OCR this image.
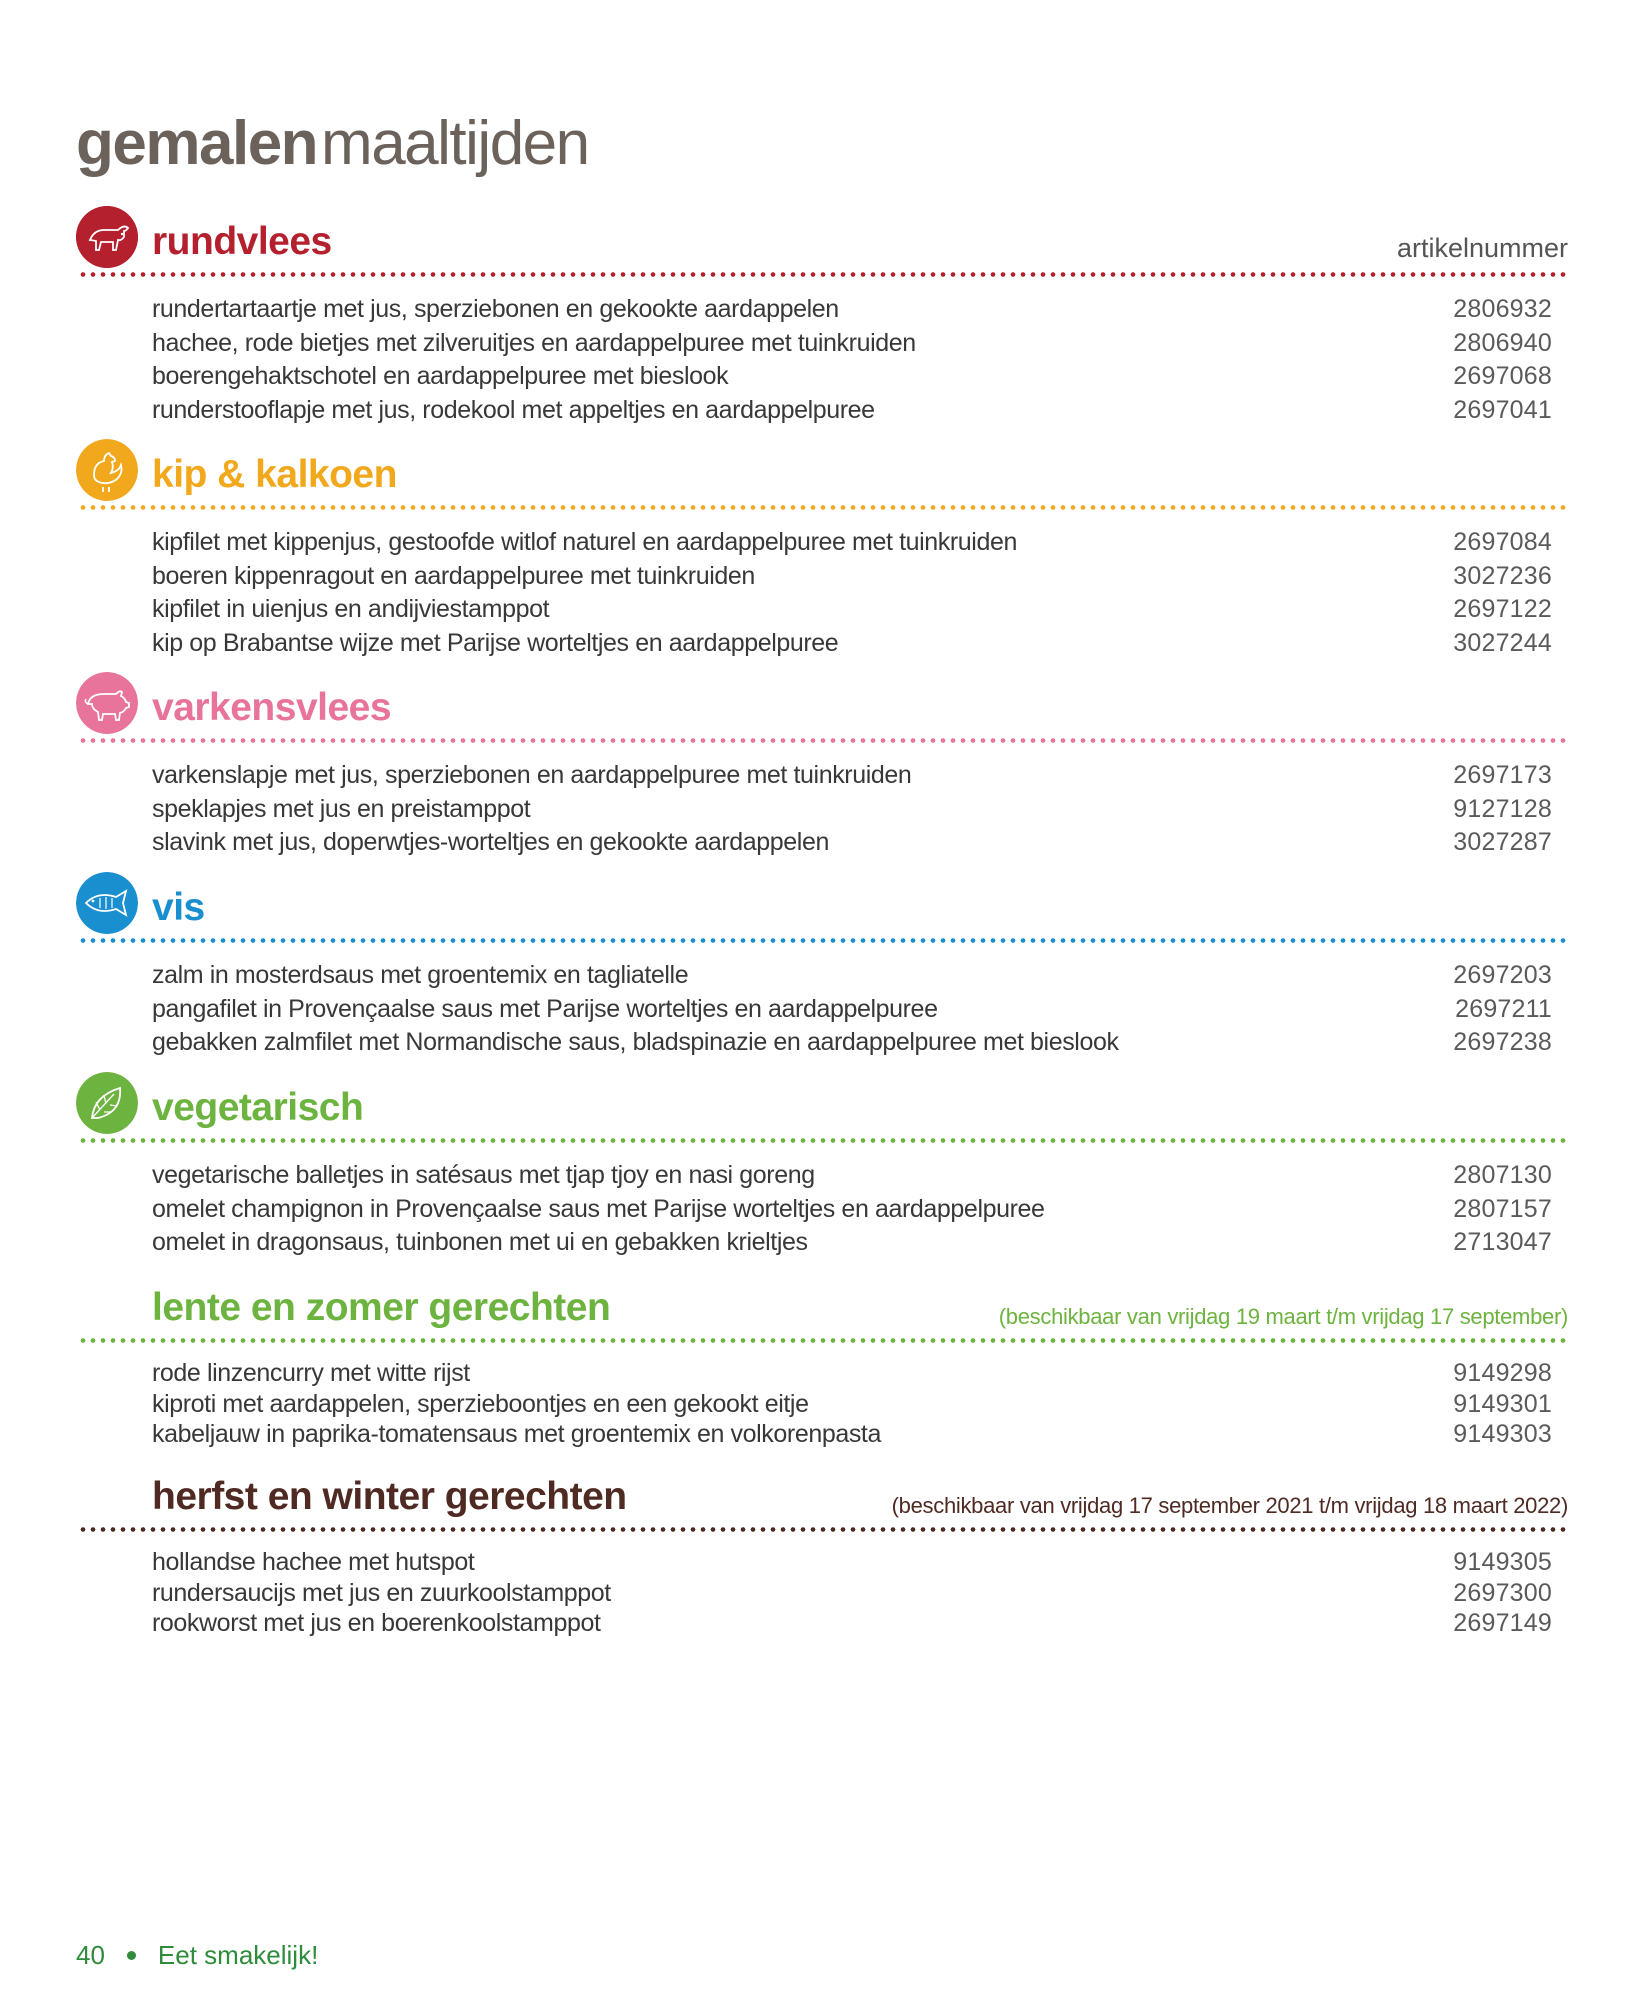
gemalenmaaltijden
rundvlees	artikelnummer
rundertartaartje met jus, sperziebonen en gekookte aardappelen	2806932
hachee, rode bietjes met zilveruitjes en aardappelpuree met tuinkruiden	2806940
boerengehaktschotel en aardappelpuree met bieslook	2697068
runderstooflapje met jus, rodekool met appeltjes en aardappelpuree	2697041
kip & kalkoen
kipfilet met kippenjus, gestoofde witlof naturel en aardappelpuree met tuinkruiden	2697084
boeren kippenragout en aardappelpuree met tuinkruiden	3027236
kipfilet in uienjus en andijviestamppot	2697122
kip op Brabantse wijze met Parijse worteltjes en aardappelpuree	3027244
varkensvlees
varkenslapje met jus, sperziebonen en aardappelpuree met tuinkruiden	2697173
speklapjes met jus en preistamppot	9127128
slavink met jus, doperwtjes-worteltjes en gekookte aardappelen	3027287
vis
zalm in mosterdsaus met groentemix en tagliatelle	2697203
pangafilet in Provençaalse saus met Parijse worteltjes en aardappelpuree	2697211
gebakken zalmfilet met Normandische saus, bladspinazie en aardappelpuree met bieslook	2697238
vegetarisch
vegetarische balletjes in satésaus met tjap tjoy en nasi goreng	2807130
omelet champignon in Provençaalse saus met Parijse worteltjes en aardappelpuree	2807157
omelet in dragonsaus, tuinbonen met ui en gebakken krieltjes	2713047
lente en zomer gerechten	(beschikbaar van vrijdag 19 maart t/m vrijdag 17 september)
rode linzencurry met witte rijst	9149298
kiproti met aardappelen, sperzieboontjes en een gekookt eitje	9149301
kabeljauw in paprika-tomatensaus met groentemix en volkorenpasta	9149303
herfst en winter gerechten	(beschikbaar van vrijdag 17 september 2021 t/m vrijdag 18 maart 2022)
hollandse hachee met hutspot	9149305
rundersaucijs met jus en zuurkoolstamppot	2697300
rookworst met jus en boerenkoolstamppot	2697149
40 Eet smakelijk!
